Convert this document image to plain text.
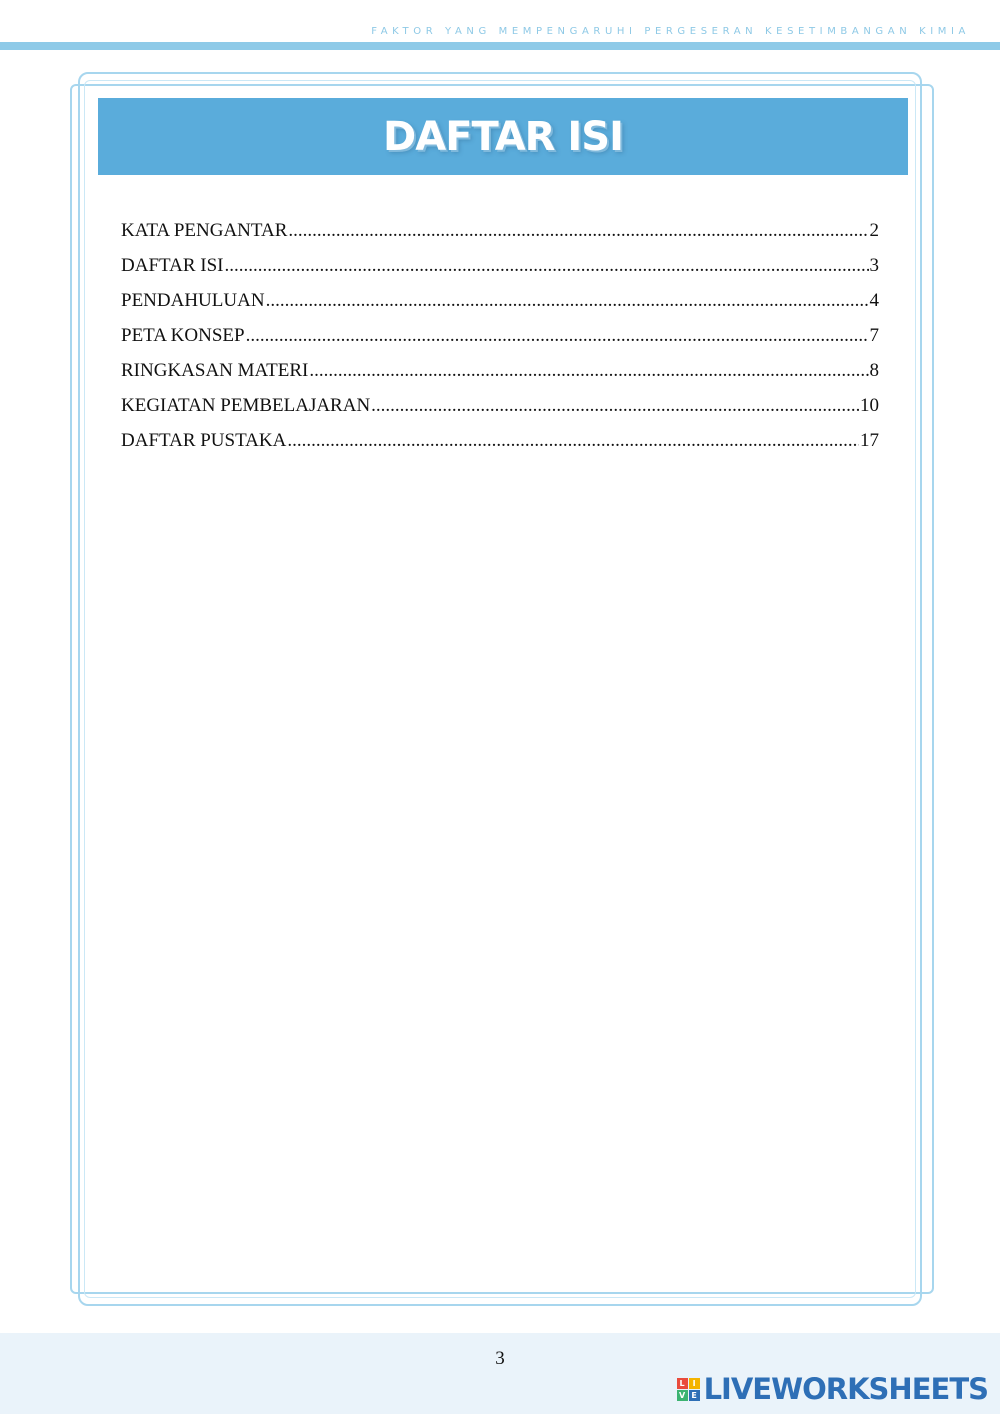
FAKTOR YANG MEMPENGARUHI PERGESERAN KESETIMBANGAN KIMIA
DAFTAR ISI
KATA PENGANTAR .....	2
DAFTAR ISI .....	3
PENDAHULUAN .....	4
PETA KONSEP .....	7
RINGKASAN MATERI .....	8
KEGIATAN PEMBELAJARAN .....	10
DAFTAR PUSTAKA .....	17
3
L I
V E LIVEWORKSHEETS
